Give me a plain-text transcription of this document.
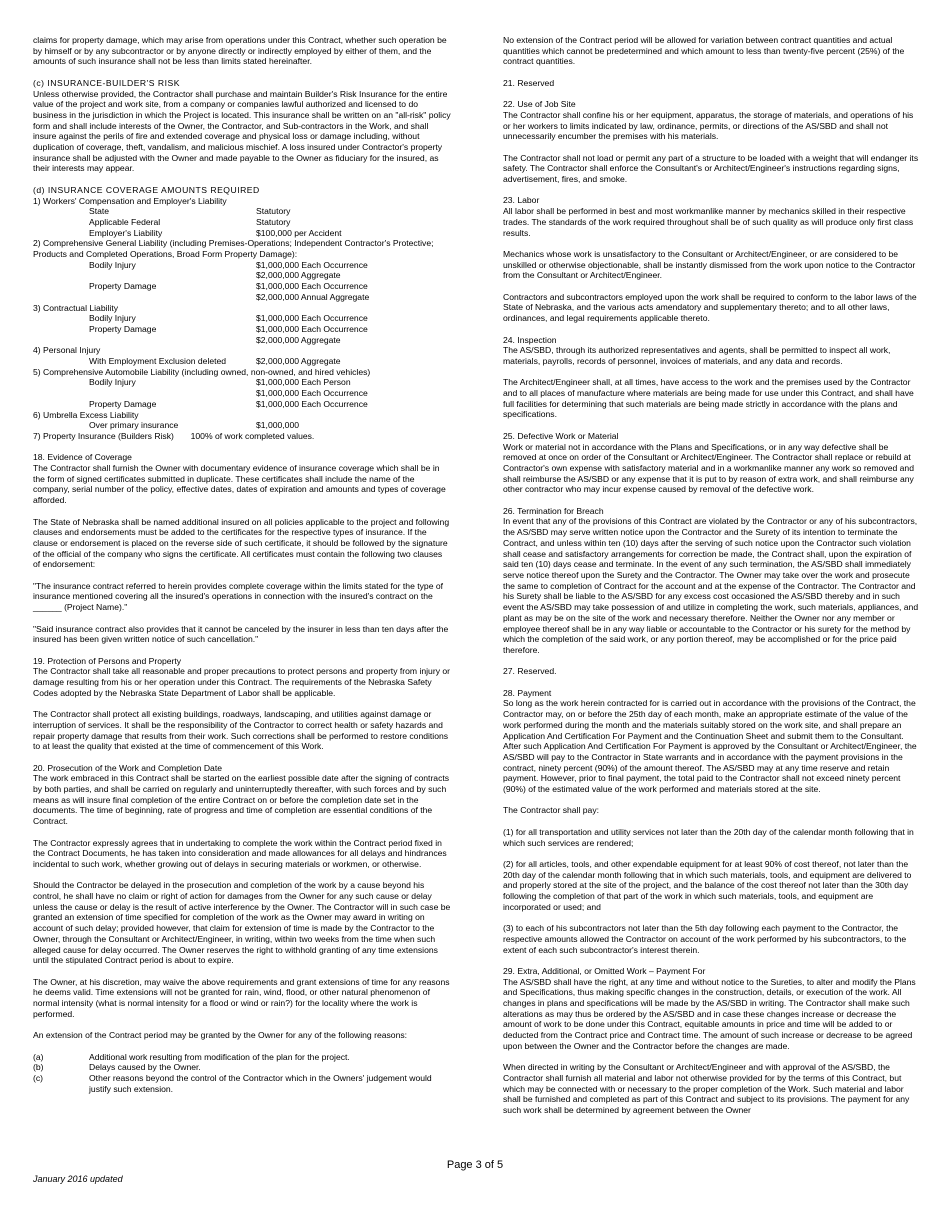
claims for property damage, which may arise from operations under this Contract, whether such operation be by himself or by any subcontractor or by anyone directly or indirectly employed by either of them, and the amounts of such insurance shall not be less than limits stated hereinafter.

(c) INSURANCE-BUILDER'S RISK

Unless otherwise provided, the Contractor shall purchase and maintain Builder's Risk Insurance for the entire value of the project and work site, from a company or companies lawful authorized and licensed to do business in the jurisdiction in which the Project is located. This insurance shall be written on an "all-risk" policy form and shall include interests of the Owner, the Contractor, and Sub-contractors in the Work, and shall insure against the perils of fire and extended coverage and physical loss or damage including, without duplication of coverage, theft, vandalism, and malicious mischief. A loss insured under Contractor's property insurance shall be adjusted with the Owner and made payable to the Owner as fiduciary for the insured, as their interests may appear.

(d) INSURANCE COVERAGE AMOUNTS REQUIRED

1) Workers' Compensation and Employer's Liability
State	Statutory
Applicable Federal	Statutory
Employer's Liability	$100,000 per Accident
2) Comprehensive General Liability (including Premises-Operations; Independent Contractor's Protective; Products and Completed Operations, Broad Form Property Damage):
Bodily Injury	$1,000,000 Each Occurrence
$2,000,000 Aggregate
Property Damage	$1,000,000 Each Occurrence
$2,000,000 Annual Aggregate
3) Contractual Liability
Bodily Injury	$1,000,000 Each Occurrence
Property Damage	$1,000,000 Each Occurrence
$2,000,000 Aggregate
4) Personal Injury
With Employment Exclusion deleted	$2,000,000 Aggregate
5) Comprehensive Automobile Liability (including owned, non-owned, and hired vehicles)
Bodily Injury	$1,000,000 Each Person
$1,000,000 Each Occurrence
Property Damage	$1,000,000 Each Occurrence
6) Umbrella Excess Liability
Over primary insurance	$1,000,000
7) Property Insurance (Builders Risk)       100% of work completed values.

18. Evidence of Coverage

The Contractor shall furnish the Owner with documentary evidence of insurance coverage which shall be in the form of signed certificates submitted in duplicate. These certificates shall include the name of the company, serial number of the policy, effective dates, dates of expiration and amounts and types of coverage afforded.

The State of Nebraska shall be named additional insured on all policies applicable to the project and following clauses and endorsements must be added to the certificates for the respective types of insurance. If the clause or endorsement is placed on the reverse side of such certificate, it should be followed by the signature of the official of the company who signs the certificate. All certificates must contain the following two clauses of endorsement:

"The insurance contract referred to herein provides complete coverage within the limits stated for the type of insurance mentioned covering all the insured's operations in connection with the insured's contract on the ______ (Project Name)."

"Said insurance contract also provides that it cannot be canceled by the insurer in less than ten days after the insured has been given written notice of such cancellation."

19. Protection of Persons and Property

The Contractor shall take all reasonable and proper precautions to protect persons and property from injury or damage resulting from his or her operation under this Contract. The requirements of the Nebraska Safety Codes adopted by the Nebraska State Department of Labor shall be applicable.

The Contractor shall protect all existing buildings, roadways, landscaping, and utilities against damage or interruption of services. It shall be the responsibility of the Contractor to correct health or safety hazards and repair property damage that results from their work. Such corrections shall be performed to restore conditions to at least the quality that existed at the time of commencement of this Work.

20. Prosecution of the Work and Completion Date

The work embraced in this Contract shall be started on the earliest possible date after the signing of contracts by both parties, and shall be carried on regularly and uninterruptedly thereafter, with such forces and by such means as will insure final completion of the entire Contract on or before the completion date set in the documents. The time of beginning, rate of progress and time of completion are essential conditions of the Contract.

The Contractor expressly agrees that in undertaking to complete the work within the Contract period fixed in the Contract Documents, he has taken into consideration and made allowances for all delays and hindrances incidental to such work, whether growing out of delays in securing materials or workmen, or otherwise.

Should the Contractor be delayed in the prosecution and completion of the work by a cause beyond his control, he shall have no claim or right of action for damages from the Owner for any such cause or delay unless the cause or delay is the result of active interference by the Owner. The Contractor will in such case be granted an extension of time specified for completion of the work as the Owner may award in writing on account of such delay; provided however, that claim for extension of time is made by the Contractor to the Owner, through the Consultant or Architect/Engineer, in writing, within two weeks from the time when such alleged cause for delay occurred. The Owner reserves the right to withhold granting of any time extensions until the stipulated Contract period is about to expire.

The Owner, at his discretion, may waive the above requirements and grant extensions of time for any reasons he deems valid. Time extensions will not be granted for rain, wind, flood, or other natural phenomenon of normal intensity (what is normal intensity for a flood or wind or rain?) for the locality where the work is performed.

An extension of the Contract period may be granted by the Owner for any of the following reasons:

(a)	Additional work resulting from modification of the plan for the project.
(b)	Delays caused by the Owner.
(c)	Other reasons beyond the control of the Contractor which in the Owners' judgement would justify such extension.

No extension of the Contract period will be allowed for variation between contract quantities and actual quantities which cannot be predetermined and which amount to less than twenty-five percent (25%) of the contract quantities.

21. Reserved

22. Use of Job Site

The Contractor shall confine his or her equipment, apparatus, the storage of materials, and operations of his or her workers to limits indicated by law, ordinance, permits, or directions of the AS/SBD and shall not unnecessarily encumber the premises with his materials.

The Contractor shall not load or permit any part of a structure to be loaded with a weight that will endanger its safety. The Contractor shall enforce the Consultant's or Architect/Engineer's instructions regarding signs, advertisement, fires, and smoke.

23. Labor

All labor shall be performed in best and most workmanlike manner by mechanics skilled in their respective trades. The standards of the work required throughout shall be of such quality as will produce only first class results.

Mechanics whose work is unsatisfactory to the Consultant or Architect/Engineer, or are considered to be unskilled or otherwise objectionable, shall be instantly dismissed from the work upon notice to the Contractor from the Consultant or Architect/Engineer.

Contractors and subcontractors employed upon the work shall be required to conform to the labor laws of the State of Nebraska, and the various acts amendatory and supplementary thereto; and to all other laws, ordinances, and legal requirements applicable thereto.

24. Inspection

The AS/SBD, through its authorized representatives and agents, shall be permitted to inspect all work, materials, payrolls, records of personnel, invoices of materials, and any data and records.

The Architect/Engineer shall, at all times, have access to the work and the premises used by the Contractor and to all places of manufacture where materials are being made for use under this Contract, and shall have full facilities for determining that such materials are being made strictly in accordance with the plans and specifications.

25. Defective Work or Material

Work or material not in accordance with the Plans and Specifications, or in any way defective shall be removed at once on order of the Consultant or Architect/Engineer. The Contractor shall replace or rebuild at Contractor's own expense with satisfactory material and in a workmanlike manner any work so removed and shall reimburse the AS/SBD or any expense that it is put to by reason of extra work, and shall reimburse any other contractor who may incur expense caused by removal of the defective work.

26. Termination for Breach

In event that any of the provisions of this Contract are violated by the Contractor or any of his subcontractors, the AS/SBD may serve written notice upon the Contractor and the Surety of its intention to terminate the Contract, and unless within ten (10) days after the serving of such notice upon the Contractor such violation shall cease and satisfactory arrangements for correction be made, the Contract shall, upon the expiration of said ten (10) days cease and terminate. In the event of any such termination, the AS/SBD shall immediately serve notice thereof upon the Surety and the Contractor. The Owner may take over the work and prosecute the same to completion of Contract for the account and at the expense of the Contractor. The Contractor and his Surety shall be liable to the AS/SBD for any excess cost occasioned the AS/SBD thereby and in such event the AS/SBD may take possession of and utilize in completing the work, such materials, appliances, and plant as may be on the site of the work and necessary therefore. Neither the Owner nor any member or employee thereof shall be in any way liable or accountable to the Contractor or his surety for the method by which the completion of the said work, or any portion thereof, may be accomplished or for the price paid therefore.

27. Reserved.

28. Payment

So long as the work herein contracted for is carried out in accordance with the provisions of the Contract, the Contractor may, on or before the 25th day of each month, make an appropriate estimate of the value of the work performed during the month and the materials suitably stored on the work site, and shall prepare an Application And Certification For Payment and the Continuation Sheet and submit them to the Consultant. After such Application And Certification For Payment is approved by the Consultant or Architect/Engineer, the AS/SBD will pay to the Contractor in State warrants and in accordance with the payment provisions in the contract, ninety percent (90%) of the amount thereof. The AS/SBD may at any time reserve and retain payment. However, prior to final payment, the total paid to the Contractor shall not exceed ninety percent (90%) of the estimated value of the work performed and materials stored at the site.

The Contractor shall pay:

(1) for all transportation and utility services not later than the 20th day of the calendar month following that in which such services are rendered;

(2) for all articles, tools, and other expendable equipment for at least 90% of cost thereof, not later than the 20th day of the calendar month following that in which such materials, tools, and equipment are delivered to and properly stored at the site of the project, and the balance of the cost thereof not later than the 30th day following the completion of that part of the work in which such materials, tools, and equipment are incorporated or used; and

(3) to each of his subcontractors not later than the 5th day following each payment to the Contractor, the respective amounts allowed the Contractor on account of the work performed by his subcontractors, to the extent of each such subcontractor's interest therein.

29. Extra, Additional, or Omitted Work – Payment For

The AS/SBD shall have the right, at any time and without notice to the Sureties, to alter and modify the Plans and Specifications, thus making specific changes in the construction, details, or execution of the work. All changes in plans and specifications will be made by the AS/SBD in writing. The Contractor shall make such alterations as may thus be ordered by the AS/SBD and in case these changes increase or decrease the amount of work to be done under this Contract, equitable amounts in price and time will be added to or deducted from the Contract price and Contract time. The amount of such increase or decrease to be agreed upon between the Owner and the Contractor before the changes are made.

When directed in writing by the Consultant or Architect/Engineer and with approval of the AS/SBD, the Contractor shall furnish all material and labor not otherwise provided for by the terms of this Contract, but which may be connected with or necessary to the proper completion of the Work. Such material and labor shall be furnished and completed as part of this Contract and subject to its provisions. The payment for any such work shall be determined by agreement between the Owner

Page 3 of 5
January 2016 updated
